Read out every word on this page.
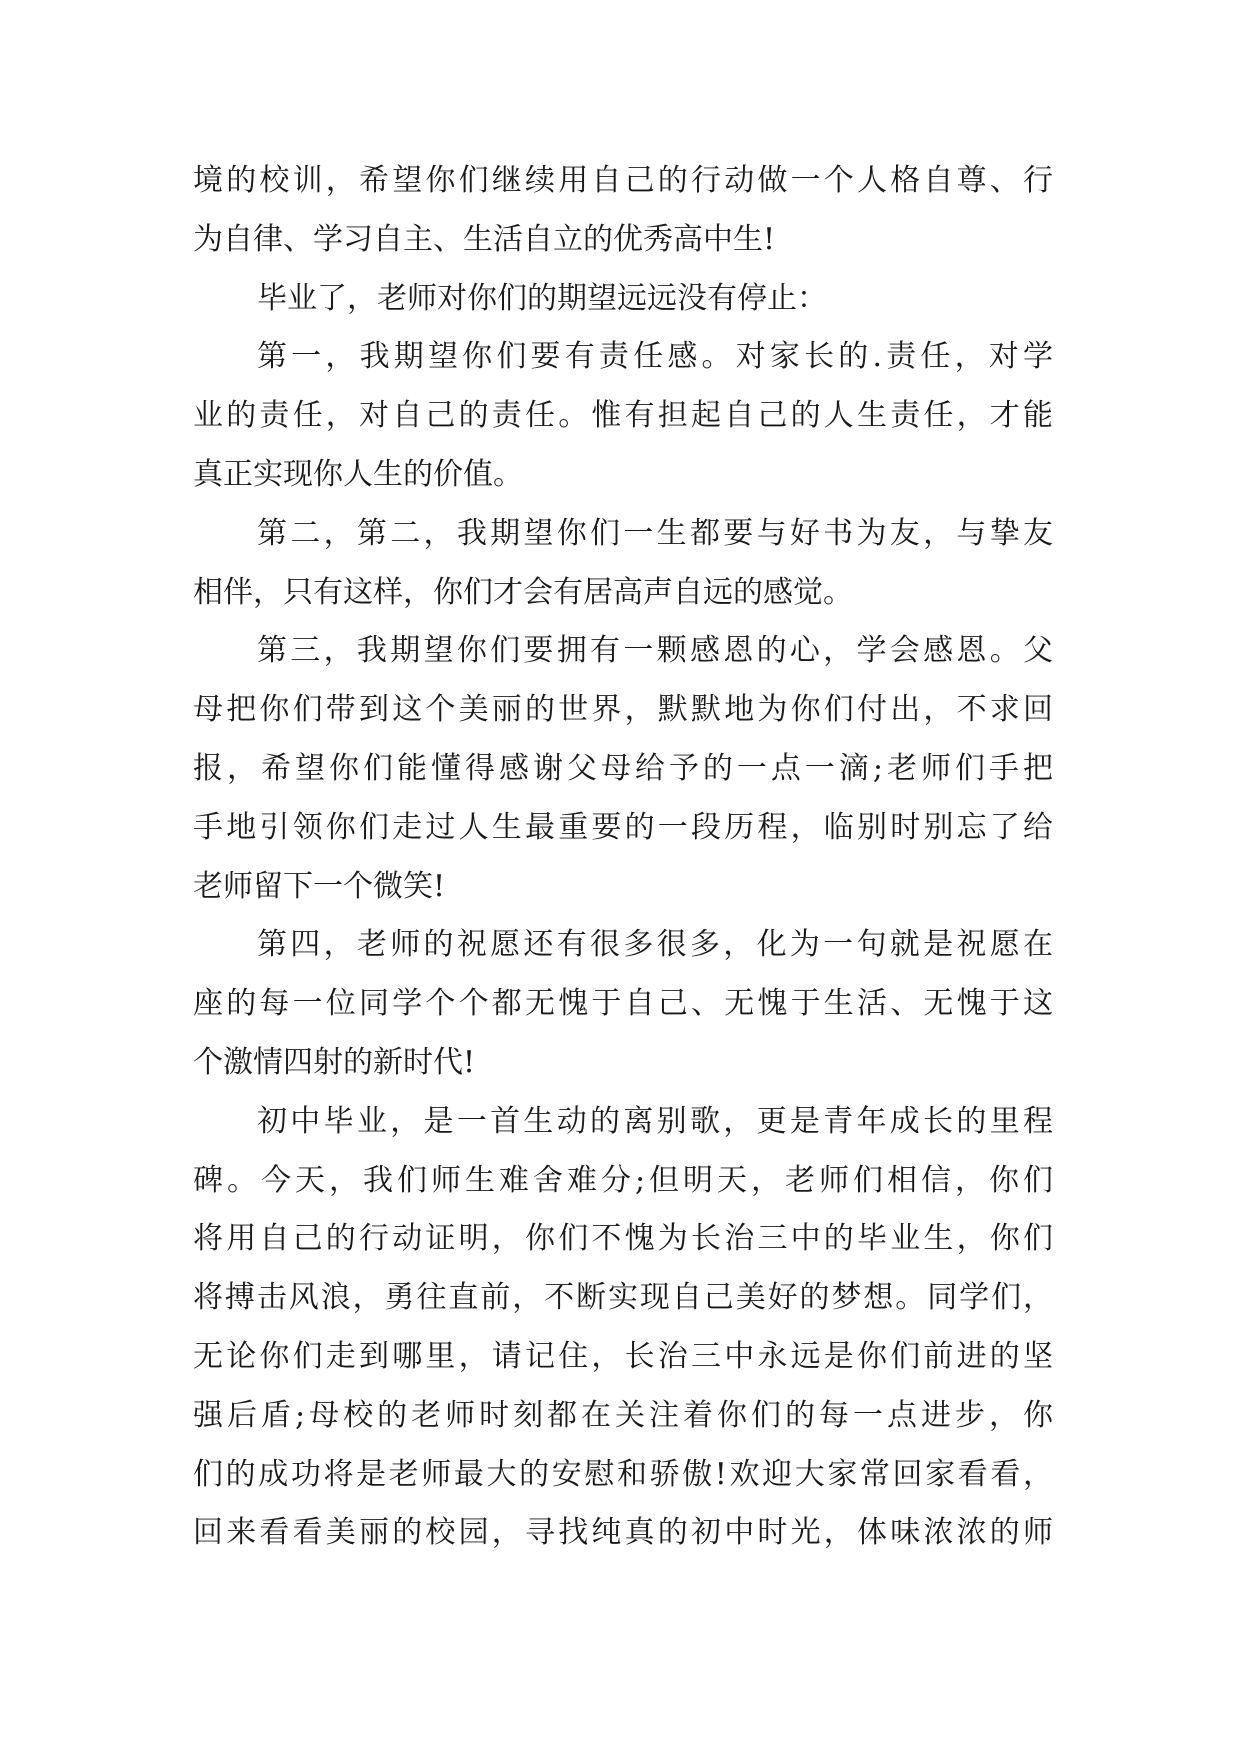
境的校训，希望你们继续用自己的行动做一个人格自尊、行
为自律、学习自主、生活自立的优秀高中生!
毕业了，老师对你们的期望远远没有停止：
第一，我期望你们要有责任感。对家长的.责任，对学
业的责任，对自己的责任。惟有担起自己的人生责任，才能
真正实现你人生的价值。
第二，第二，我期望你们一生都要与好书为友，与挚友
相伴，只有这样，你们才会有居高声自远的感觉。
第三，我期望你们要拥有一颗感恩的心，学会感恩。父
母把你们带到这个美丽的世界，默默地为你们付出，不求回
报，希望你们能懂得感谢父母给予的一点一滴;老师们手把
手地引领你们走过人生最重要的一段历程，临别时别忘了给
老师留下一个微笑!
第四，老师的祝愿还有很多很多，化为一句就是祝愿在
座的每一位同学个个都无愧于自己、无愧于生活、无愧于这
个激情四射的新时代!
初中毕业，是一首生动的离别歌，更是青年成长的里程
碑。今天，我们师生难舍难分;但明天，老师们相信，你们
将用自己的行动证明，你们不愧为长治三中的毕业生，你们
将搏击风浪，勇往直前，不断实现自己美好的梦想。同学们，
无论你们走到哪里，请记住，长治三中永远是你们前进的坚
强后盾;母校的老师时刻都在关注着你们的每一点进步，你
们的成功将是老师最大的安慰和骄傲!欢迎大家常回家看看，
回来看看美丽的校园，寻找纯真的初中时光，体味浓浓的师
